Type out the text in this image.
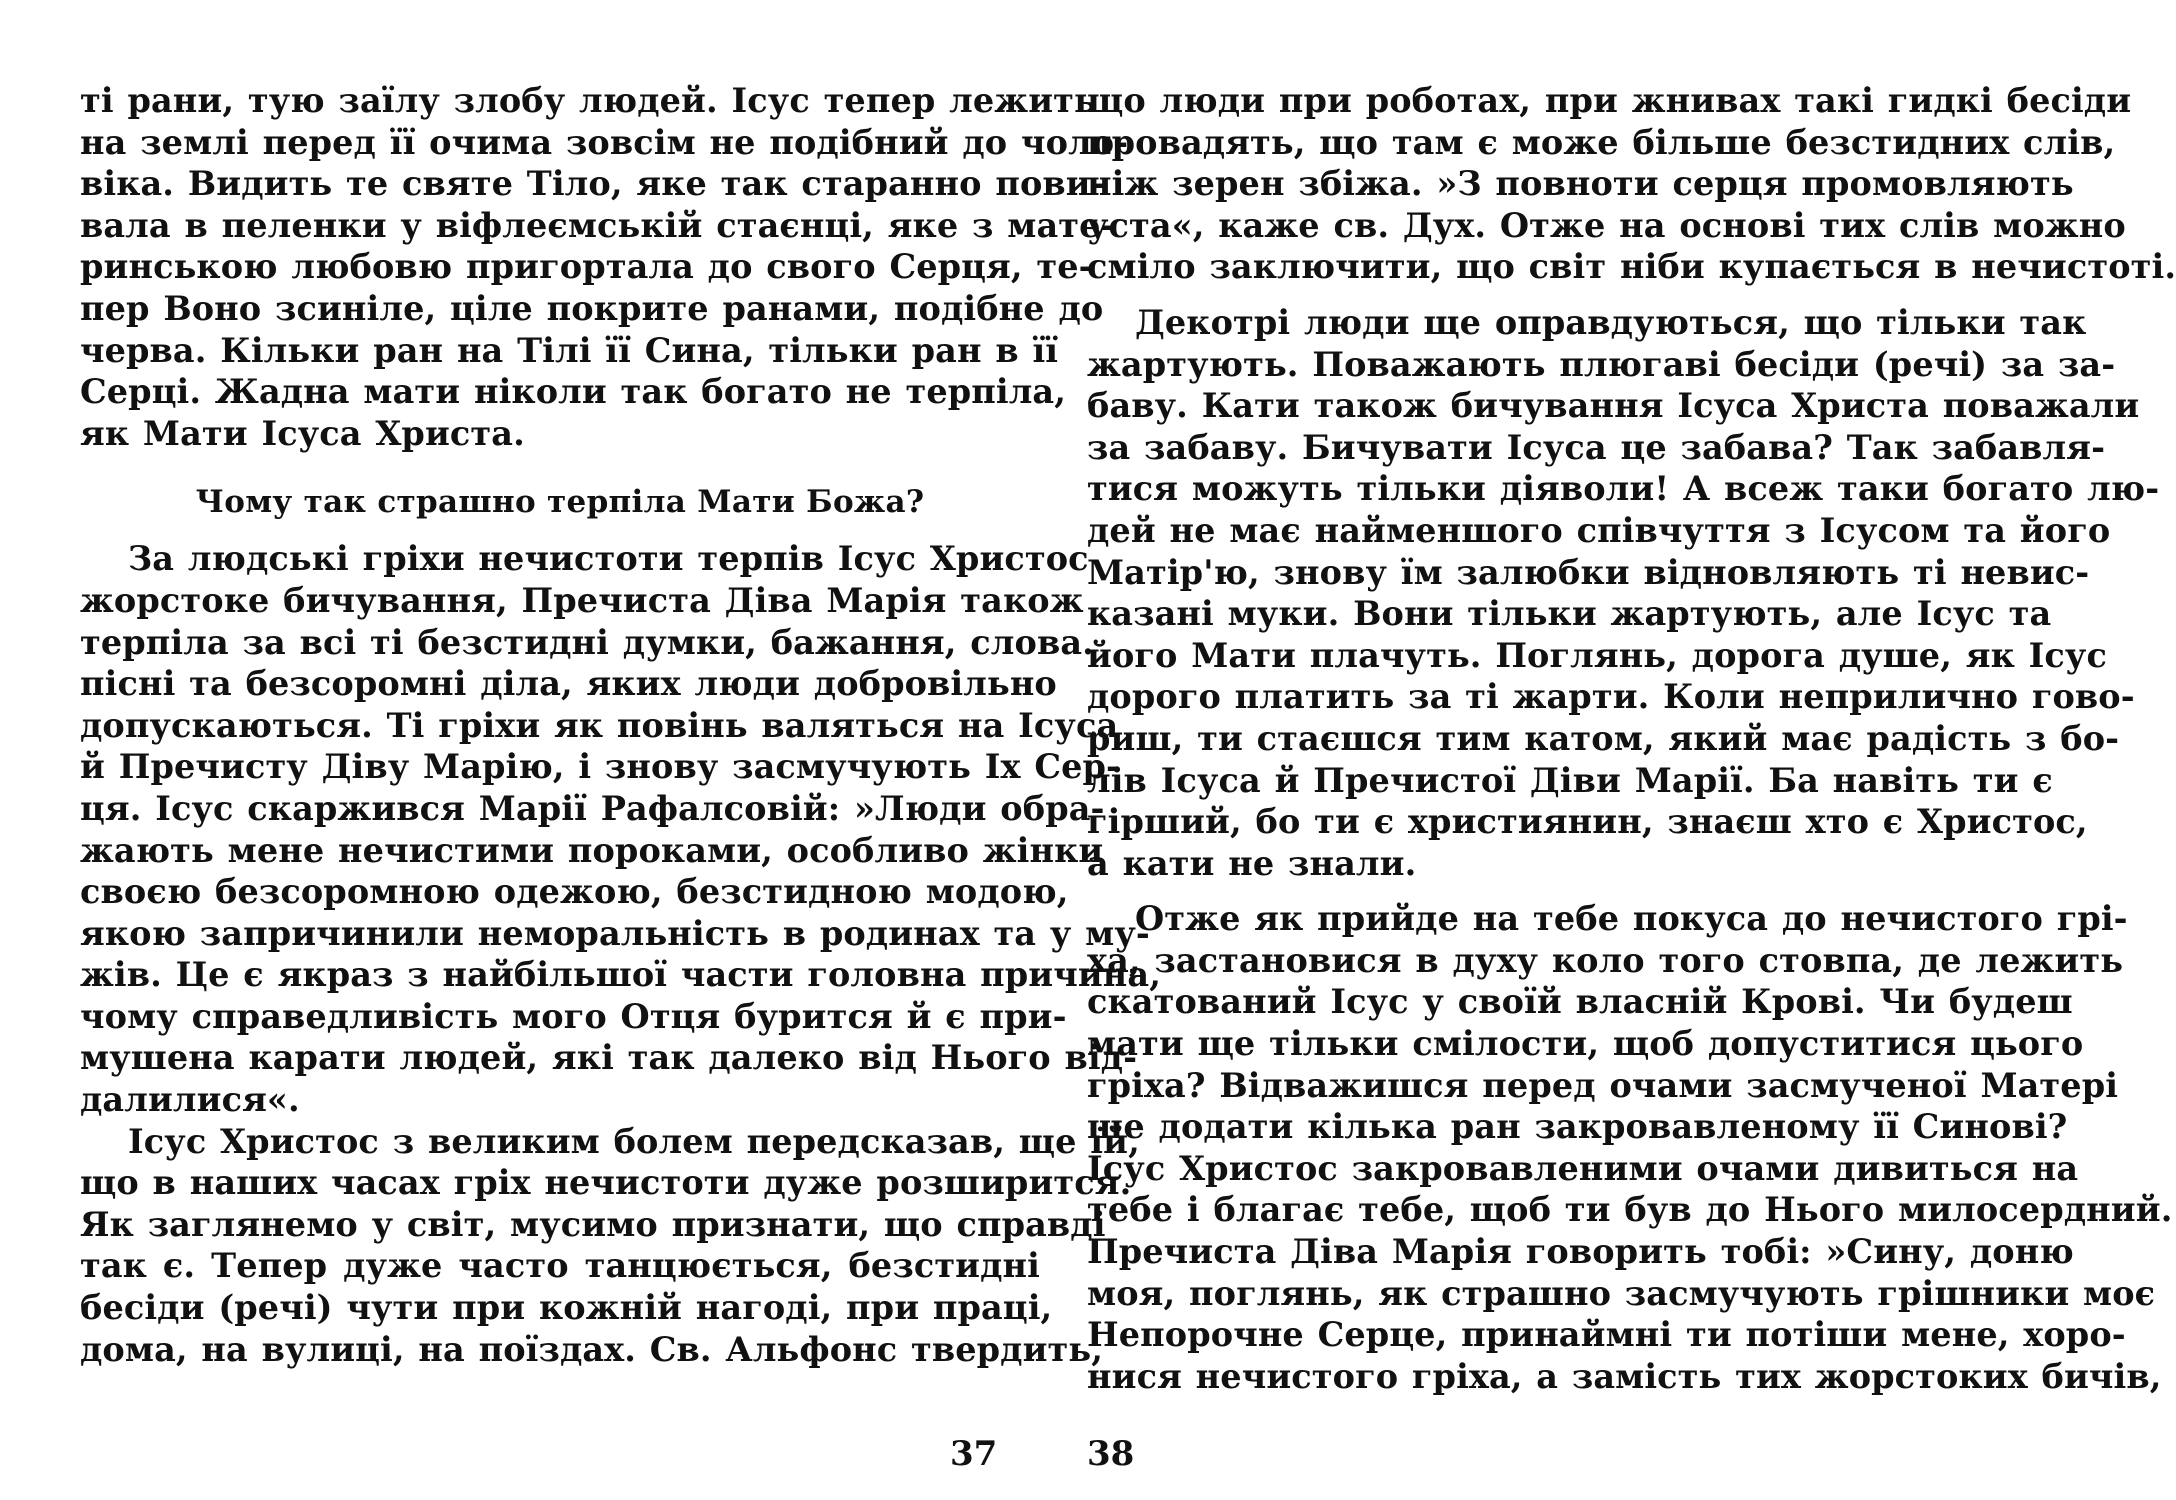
ті рани, тую заїлу злобу людей. Ісус тепер лежить
на землі перед її очима зовсім не подібний до чоло-
віка. Видить те святе Тіло, яке так старанно пови-
вала в пеленки у віфлеємській стаєнці, яке з мате-
ринською любовю пригортала до свого Серця, те-
пер Воно зсиніле, ціле покрите ранами, подібне до
черва. Кільки ран на Тілі її Сина, тільки ран в її
Серці. Жадна мати ніколи так богато не терпіла,
як Мати Ісуса Христа.
Чому так страшно терпіла Мати Божа?
За людські гріхи нечистоти терпів Ісус Христос
жорстоке бичування, Пречиста Діва Марія також
терпіла за всі ті безстидні думки, бажання, слова.
пісні та безсоромні діла, яких люди добровільно
допускаються. Ті гріхи як повінь валяться на Ісуса
й Пречисту Діву Марію, і знову засмучують Іх Сер-
ця. Ісус скаржився Марії Рафалсовій: »Люди обра-
жають мене нечистими пороками, особливо жінки
своєю безсоромною одежою, безстидною модою,
якою запричинили неморальність в родинах та у му-
жів. Це є якраз з найбільшої части головна причина,
чому справедливість мого Отця бурится й є при-
мушена карати людей, які так далеко від Нього від-
далилися«.
Ісус Христос з великим болем передсказав, ще їй,
що в наших часах гріх нечистоти дуже розширится.
Як заглянемо у світ, мусимо признати, що справді
так є. Тепер дуже часто танцюється, безстидні
бесіди (речі) чути при кожній нагоді, при праці,
дома, на вулиці, на поїздах. Св. Альфонс твердить,
що люди при роботах, при жнивах такі гидкі бесіди
провадять, що там є може більше безстидних слів,
ніж зерен збіжа. »З повноти серця промовляють
уста«, каже св. Дух. Отже на основі тих слів можно
сміло заключити, що світ ніби купається в нечистоті.
Декотрі люди ще оправдуються, що тільки так
жартують. Поважають плюгаві бесіди (речі) за за-
баву. Кати також бичування Ісуса Христа поважали
за забаву. Бичувати Ісуса це забава? Так забавля-
тися можуть тільки діяволи! А всеж таки богато лю-
дей не має найменшого співчуття з Ісусом та його
Матір'ю, знову їм залюбки відновляють ті невис-
казані муки. Вони тільки жартують, але Ісус та
його Мати плачуть. Поглянь, дорога душе, як Ісус
дорого платить за ті жарти. Коли неприлично гово-
риш, ти стаєшся тим катом, який має радість з бо-
лів Ісуса й Пречистої Діви Марії. Ба навіть ти є
гірший, бо ти є християнин, знаєш хто є Христос,
а кати не знали.
Отже як прийде на тебе покуса до нечистого грі-
ха, застановися в духу коло того стовпа, де лежить
скатований Ісус у своїй власній Крові. Чи будеш
мати ще тільки смілости, щоб допуститися цього
гріха? Відважишся перед очами засмученої Матері
ще додати кілька ран закровавленому її Синові?
Ісус Христос закровавленими очами дивиться на
тебе і благає тебе, щоб ти був до Нього милосердний.
Пречиста Діва Марія говорить тобі: »Сину, доню
моя, поглянь, як страшно засмучують грішники моє
Непорочне Серце, принаймні ти потіши мене, хоро-
нися нечистого гріха, а замість тих жорстоких бичів,
37	38
